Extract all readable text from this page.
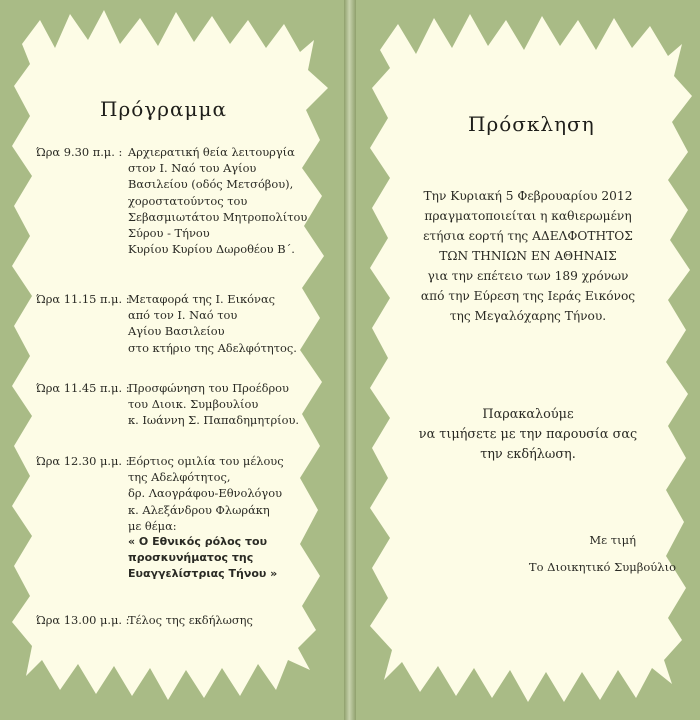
Πρόγραμμα
Ώρα 9.30 π.μ. : Αρχιερατική θεία λειτουργία
στον Ι. Ναό του Αγίου
Βασιλείου (οδός Μετσόβου),
χοροστατούντος του
Σεβασμιωτάτου Μητροπολίτου
Σύρου - Τήνου
Κυρίου Κυρίου Δωροθέου Β΄.
Ώρα 11.15 π.μ. :
Μεταφορά της Ι. Εικόνας
από τον Ι. Ναό του
Αγίου Βασιλείου
στο κτήριο της Αδελφότητος.
Ώρα 11.45 π.μ. :
Προσφώνηση του Προέδρου
του Διοικ. Συμβουλίου
κ. Ιωάννη Σ. Παπαδημητρίου.
Ώρα 12.30 μ.μ. :
Εόρτιος ομιλία του μέλους
της Αδελφότητος,
δρ. Λαογράφου-Εθνολόγου
κ. Αλεξάνδρου Φλωράκη
με θέμα:
« Ο Εθνικός ρόλος του
προσκυνήματος της
Ευαγγελίστριας Τήνου »
Ώρα 13.00 μ.μ. :
Τέλος της εκδήλωσης
Πρόσκληση
Την Κυριακή 5 Φεβρουαρίου 2012
πραγματοποιείται η καθιερωμένη
ετήσια εορτή της ΑΔΕΛΦΟΤΗΤΟΣ
ΤΩΝ ΤΗΝΙΩΝ ΕΝ ΑΘΗΝΑΙΣ
για την επέτειο των 189 χρόνων
από την Εύρεση της Ιεράς Εικόνος
της Μεγαλόχαρης Τήνου.
Παρακαλούμε
να τιμήσετε με την παρουσία σας
την εκδήλωση.
Με τιμή
Το Διοικητικό Συμβούλιο
